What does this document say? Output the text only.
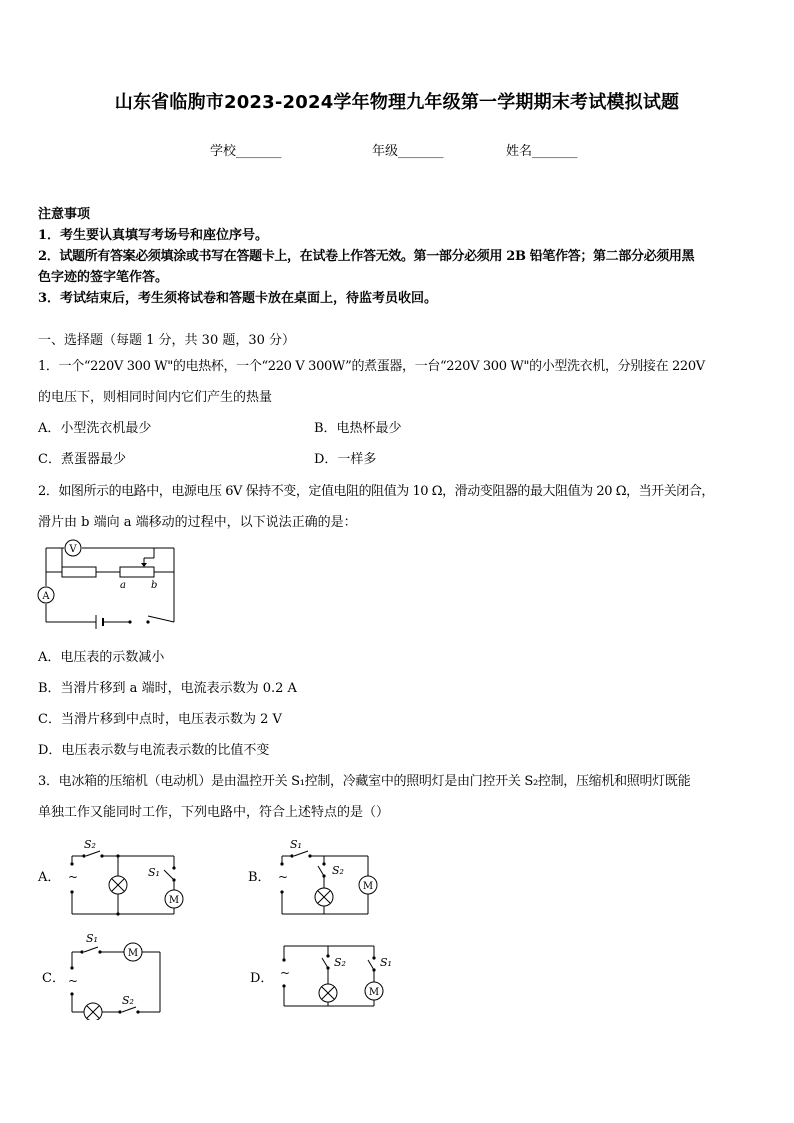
山东省临朐市2023-2024学年物理九年级第一学期期末考试模拟试题
学校_______	年级_______	姓名_______
注意事项
1．考生要认真填写考场号和座位序号。
2．试题所有答案必须填涂或书写在答题卡上，在试卷上作答无效。第一部分必须用 2B 铅笔作答；第二部分必须用黑
色字迹的签字笔作答。
3．考试结束后，考生须将试卷和答题卡放在桌面上，待监考员收回。
一、选择题（每题 1 分，共 30 题，30 分）
1．一个“220V 300 W"的电热杯，一个“220 V 300W”的煮蛋器，一台“220V 300 W"的小型洗衣机，分别接在 220V
的电压下，则相同时间内它们产生的热量
A．小型洗衣机最少	B．电热杯最少
C．煮蛋器最少	D．一样多
2．如图所示的电路中，电源电压 6V 保持不变，定值电阻的阻值为 10 Ω，滑动变阻器的最大阻值为 20 Ω，当开关闭合，
滑片由 b 端向 a 端移动的过程中，以下说法正确的是：
V
A
a	b
A．电压表的示数减小
B．当滑片移到 a 端时，电流表示数为 0.2 A
C．当滑片移到中点时，电压表示数为 2 V
D．电压表示数与电流表示数的比值不变
3．电冰箱的压缩机（电动机）是由温控开关 S₁控制，冷藏室中的照明灯是由门控开关 S₂控制，压缩机和照明灯既能
单独工作又能同时工作，下列电路中，符合上述特点的是（）
A． ~
S₂
S₁
M
B． ~
S₁
S₂
M
C． ~
S₁
S₂
M
D． ~
S₂	S₁
M
